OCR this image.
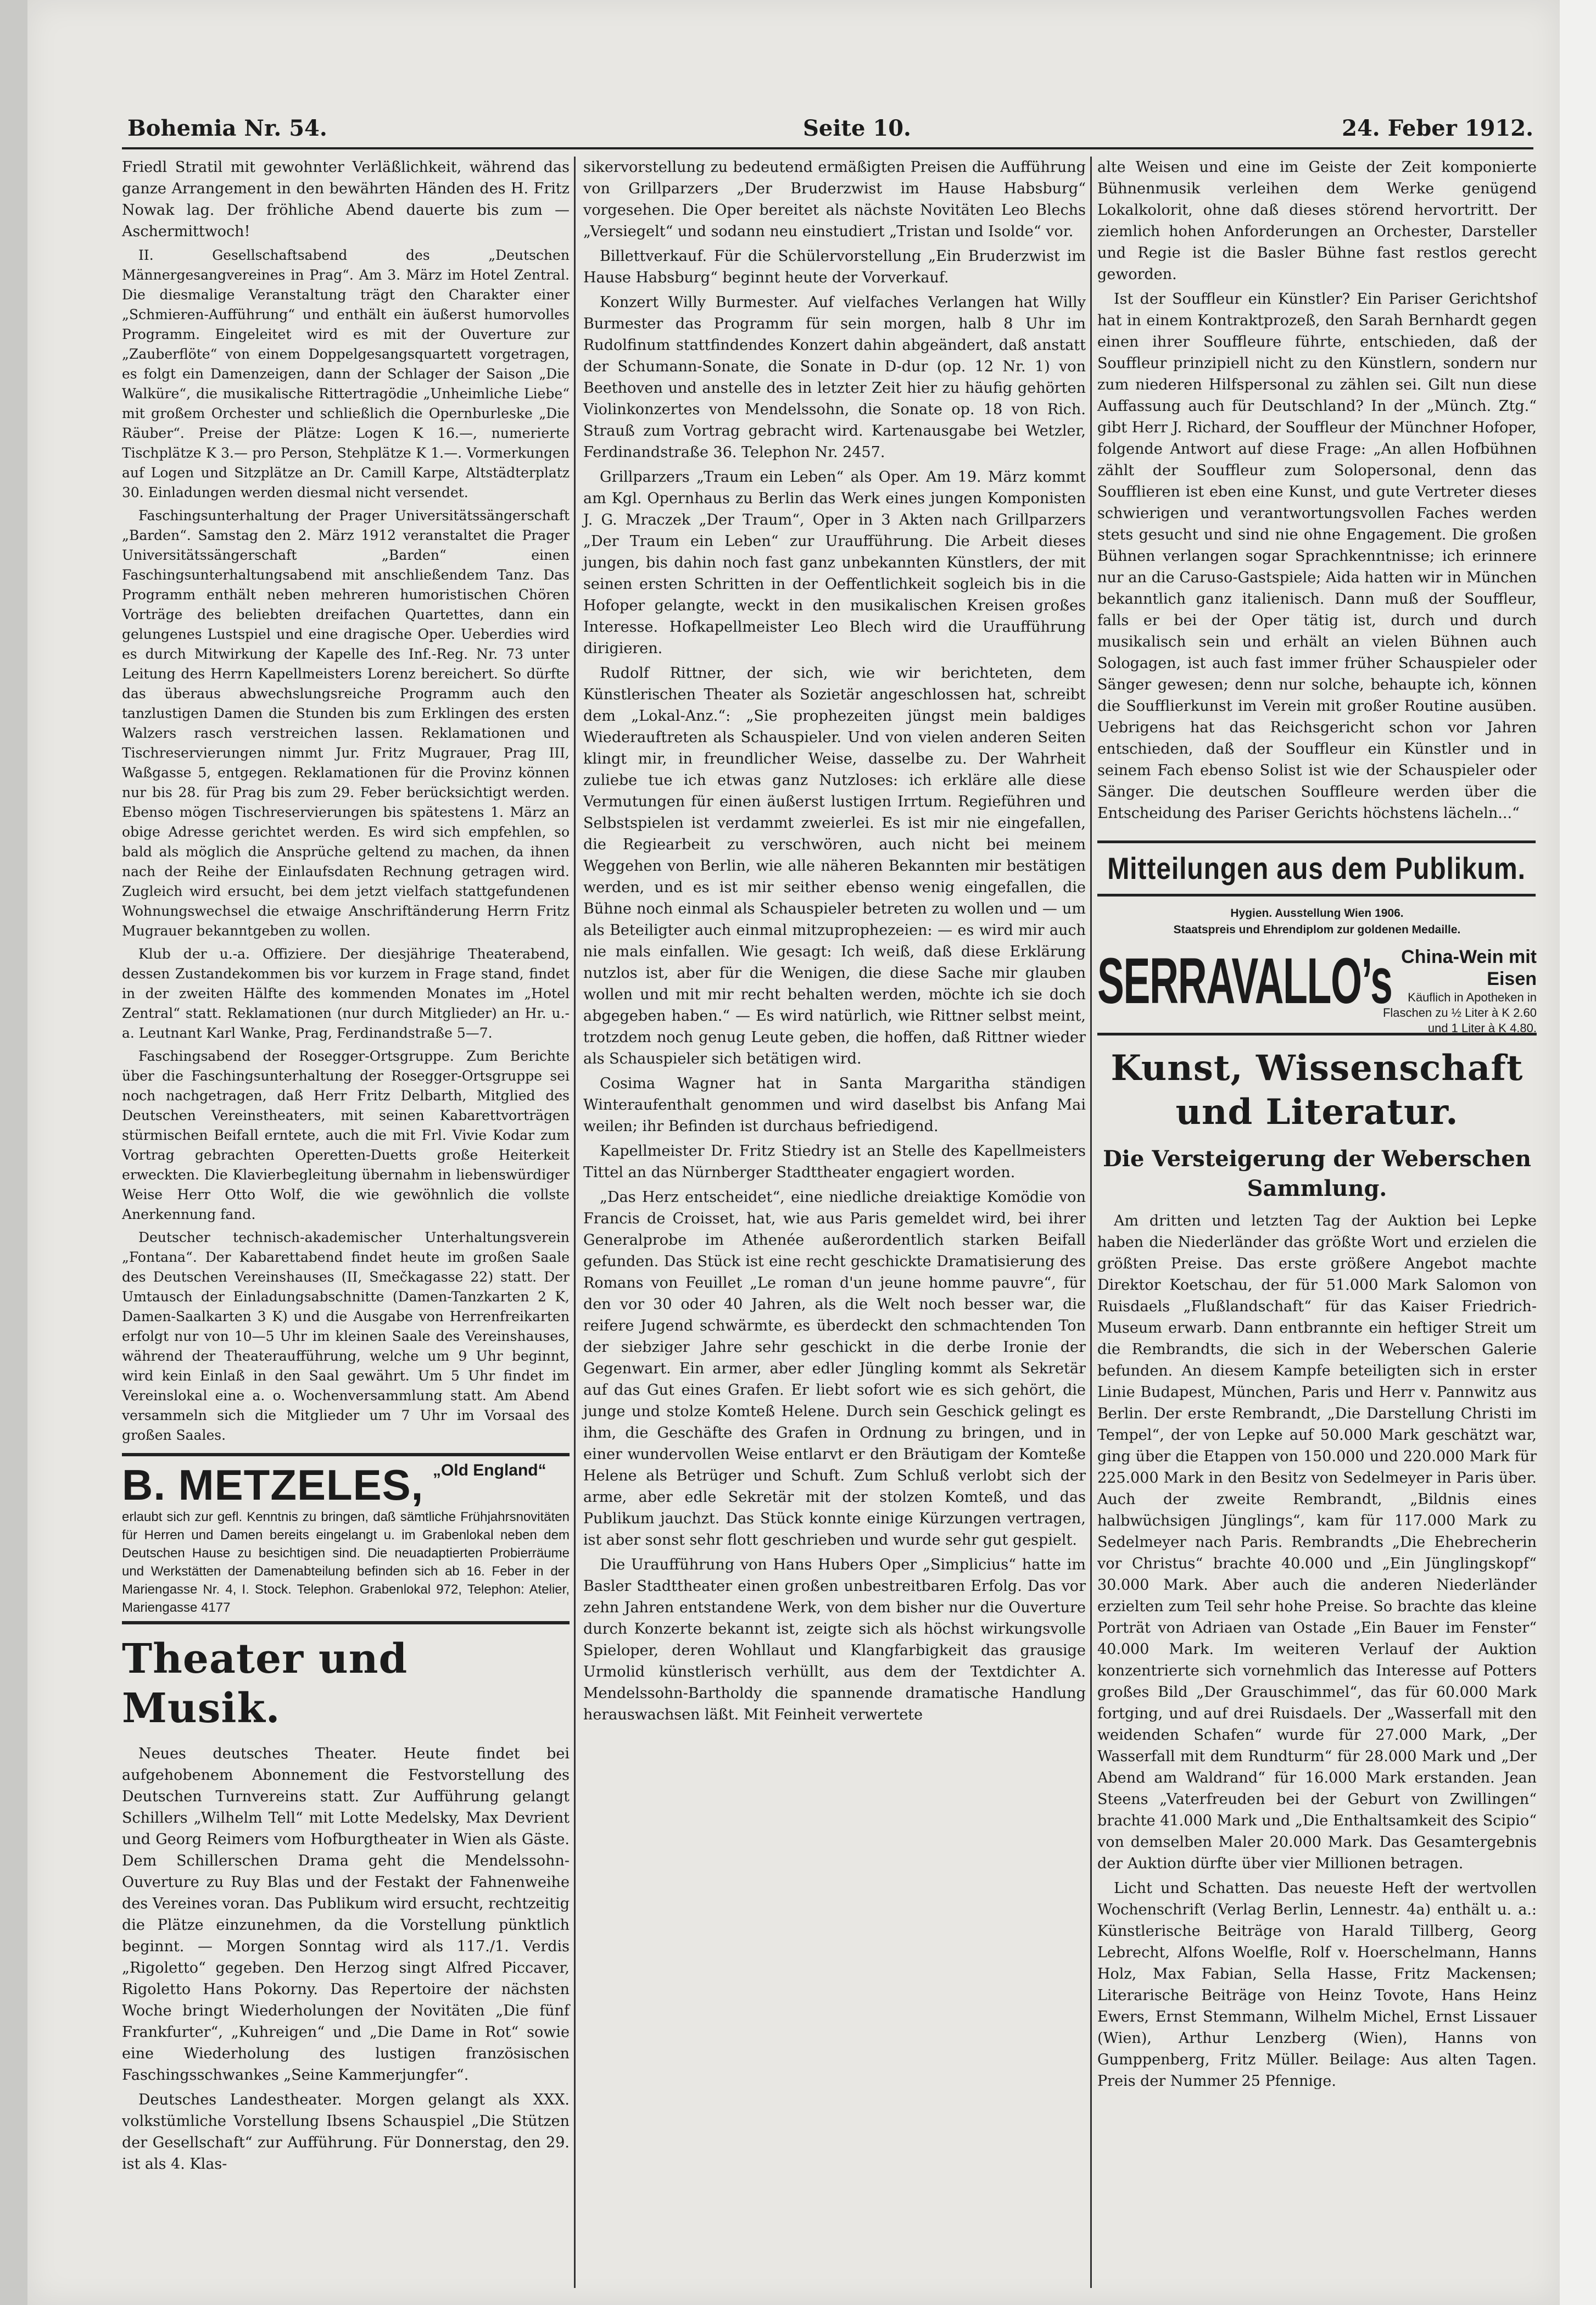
Bohemia Nr. 54.	Seite 10.	24. Feber 1912.

Friedl Stratil mit gewohnter Verläßlichkeit, während das ganze Arrangement in den bewährten Händen des H. Fritz Nowak lag. Der fröhliche Abend dauerte bis zum — Aschermittwoch!

II. Gesellschaftsabend des „Deutschen Männergesangvereines in Prag“. Am 3. März im Hotel Zentral. Die diesmalige Veranstaltung trägt den Charakter einer „Schmieren-Aufführung“ und enthält ein äußerst humorvolles Programm. Eingeleitet wird es mit der Ouverture zur „Zauberflöte“ von einem Doppelgesangsquartett vorgetragen, es folgt ein Damenzeigen, dann der Schlager der Saison „Die Walküre“, die musikalische Rittertragödie „Unheimliche Liebe“ mit großem Orchester und schließlich die Opernburleske „Die Räuber“. Preise der Plätze: Logen K 16.—, numerierte Tischplätze K 3.— pro Person, Stehplätze K 1.—. Vormerkungen auf Logen und Sitzplätze an Dr. Camill Karpe, Altstädterplatz 30. Einladungen werden diesmal nicht versendet.

Faschingsunterhaltung der Prager Universitätssängerschaft „Barden“. Samstag den 2. März 1912 veranstaltet die Prager Universitätssängerschaft „Barden“ einen Faschingsunterhaltungsabend mit anschließendem Tanz. Das Programm enthält neben mehreren humoristischen Chören Vorträge des beliebten dreifachen Quartettes, dann ein gelungenes Lustspiel und eine dragische Oper. Ueberdies wird es durch Mitwirkung der Kapelle des Inf.-Reg. Nr. 73 unter Leitung des Herrn Kapellmeisters Lorenz bereichert. So dürfte das überaus abwechslungsreiche Programm auch den tanzlustigen Damen die Stunden bis zum Erklingen des ersten Walzers rasch verstreichen lassen. Reklamationen und Tischreservierungen nimmt Jur. Fritz Mugrauer, Prag III, Waßgasse 5, entgegen. Reklamationen für die Provinz können nur bis 28. für Prag bis zum 29. Feber berücksichtigt werden. Ebenso mögen Tischreservierungen bis spätestens 1. März an obige Adresse gerichtet werden. Es wird sich empfehlen, so bald als möglich die Ansprüche geltend zu machen, da ihnen nach der Reihe der Einlaufsdaten Rechnung getragen wird. Zugleich wird ersucht, bei dem jetzt vielfach stattgefundenen Wohnungswechsel die etwaige Anschriftänderung Herrn Fritz Mugrauer bekanntgeben zu wollen.

Klub der u.-a. Offiziere. Der diesjährige Theaterabend, dessen Zustandekommen bis vor kurzem in Frage stand, findet in der zweiten Hälfte des kommenden Monates im „Hotel Zentral“ statt. Reklamationen (nur durch Mitglieder) an Hr. u.-a. Leutnant Karl Wanke, Prag, Ferdinandstraße 5—7.

Faschingsabend der Rosegger-Ortsgruppe. Zum Berichte über die Faschingsunterhaltung der Rosegger-Ortsgruppe sei noch nachgetragen, daß Herr Fritz Delbarth, Mitglied des Deutschen Vereinstheaters, mit seinen Kabarettvorträgen stürmischen Beifall erntete, auch die mit Frl. Vivie Kodar zum Vortrag gebrachten Operetten-Duetts große Heiterkeit erweckten. Die Klavierbegleitung übernahm in liebenswürdiger Weise Herr Otto Wolf, die wie gewöhnlich die vollste Anerkennung fand.

Deutscher technisch-akademischer Unterhaltungsverein „Fontana“. Der Kabarettabend findet heute im großen Saale des Deutschen Vereinshauses (II, Smečkagasse 22) statt. Der Umtausch der Einladungsabschnitte (Damen-Tanzkarten 2 K, Damen-Saalkarten 3 K) und die Ausgabe von Herrenfreikarten erfolgt nur von 10—5 Uhr im kleinen Saale des Vereinshauses, während der Theateraufführung, welche um 9 Uhr beginnt, wird kein Einlaß in den Saal gewährt. Um 5 Uhr findet im Vereinslokal eine a. o. Wochenversammlung statt. Am Abend versammeln sich die Mitglieder um 7 Uhr im Vorsaal des großen Saales.

B. METZELES, „Old England“
erlaubt sich zur gefl. Kenntnis zu bringen, daß sämtliche Frühjahrsnovitäten für Herren und Damen bereits eingelangt u. im Grabenlokal neben dem Deutschen Hause zu besichtigen sind. Die neuadaptierten Probierräume und Werkstätten der Damenabteilung befinden sich ab 16. Feber in der Mariengasse Nr. 4, I. Stock. Telephon. Grabenlokal 972, Telephon: Atelier, Mariengasse 4177
Theater und Musik.

Neues deutsches Theater. Heute findet bei aufgehobenem Abonnement die Festvorstellung des Deutschen Turnvereins statt. Zur Aufführung gelangt Schillers „Wilhelm Tell“ mit Lotte Medelsky, Max Devrient und Georg Reimers vom Hofburgtheater in Wien als Gäste. Dem Schillerschen Drama geht die Mendelssohn-Ouverture zu Ruy Blas und der Festakt der Fahnenweihe des Vereines voran. Das Publikum wird ersucht, rechtzeitig die Plätze einzunehmen, da die Vorstellung pünktlich beginnt. — Morgen Sonntag wird als 117./1. Verdis „Rigoletto“ gegeben. Den Herzog singt Alfred Piccaver, Rigoletto Hans Pokorny. Das Repertoire der nächsten Woche bringt Wiederholungen der Novitäten „Die fünf Frankfurter“, „Kuhreigen“ und „Die Dame in Rot“ sowie eine Wiederholung des lustigen französischen Faschingsschwankes „Seine Kammerjungfer“.

Deutsches Landestheater. Morgen gelangt als XXX. volkstümliche Vorstellung Ibsens Schauspiel „Die Stützen der Gesellschaft“ zur Aufführung. Für Donnerstag, den 29. ist als 4. Klas-

sikervorstellung zu bedeutend ermäßigten Preisen die Aufführung von Grillparzers „Der Bruderzwist im Hause Habsburg“ vorgesehen. Die Oper bereitet als nächste Novitäten Leo Blechs „Versiegelt“ und sodann neu einstudiert „Tristan und Isolde“ vor.

Billettverkauf. Für die Schülervorstellung „Ein Bruderzwist im Hause Habsburg“ beginnt heute der Vorverkauf.

Konzert Willy Burmester. Auf vielfaches Verlangen hat Willy Burmester das Programm für sein morgen, halb 8 Uhr im Rudolfinum stattfindendes Konzert dahin abgeändert, daß anstatt der Schumann-Sonate, die Sonate in D-dur (op. 12 Nr. 1) von Beethoven und anstelle des in letzter Zeit hier zu häufig gehörten Violinkonzertes von Mendelssohn, die Sonate op. 18 von Rich. Strauß zum Vortrag gebracht wird. Kartenausgabe bei Wetzler, Ferdinandstraße 36. Telephon Nr. 2457.

Grillparzers „Traum ein Leben“ als Oper. Am 19. März kommt am Kgl. Opernhaus zu Berlin das Werk eines jungen Komponisten J. G. Mraczek „Der Traum“, Oper in 3 Akten nach Grillparzers „Der Traum ein Leben“ zur Uraufführung. Die Arbeit dieses jungen, bis dahin noch fast ganz unbekannten Künstlers, der mit seinen ersten Schritten in der Oeffentlichkeit sogleich bis in die Hofoper gelangte, weckt in den musikalischen Kreisen großes Interesse. Hofkapellmeister Leo Blech wird die Uraufführung dirigieren.

Rudolf Rittner, der sich, wie wir berichteten, dem Künstlerischen Theater als Sozietär angeschlossen hat, schreibt dem „Lokal-Anz.“: „Sie prophezeiten jüngst mein baldiges Wiederauftreten als Schauspieler. Und von vielen anderen Seiten klingt mir, in freundlicher Weise, dasselbe zu. Der Wahrheit zuliebe tue ich etwas ganz Nutzloses: ich erkläre alle diese Vermutungen für einen äußerst lustigen Irrtum. Regieführen und Selbstspielen ist verdammt zweierlei. Es ist mir nie eingefallen, die Regiearbeit zu verschwören, auch nicht bei meinem Weggehen von Berlin, wie alle näheren Bekannten mir bestätigen werden, und es ist mir seither ebenso wenig eingefallen, die Bühne noch einmal als Schauspieler betreten zu wollen und — um als Beteiligter auch einmal mitzuprophezeien: — es wird mir auch nie mals einfallen. Wie gesagt: Ich weiß, daß diese Erklärung nutzlos ist, aber für die Wenigen, die diese Sache mir glauben wollen und mit mir recht behalten werden, möchte ich sie doch abgegeben haben.“ — Es wird natürlich, wie Rittner selbst meint, trotzdem noch genug Leute geben, die hoffen, daß Rittner wieder als Schauspieler sich betätigen wird.

Cosima Wagner hat in Santa Margaritha ständigen Winteraufenthalt genommen und wird daselbst bis Anfang Mai weilen; ihr Befinden ist durchaus befriedigend.

Kapellmeister Dr. Fritz Stiedry ist an Stelle des Kapellmeisters Tittel an das Nürnberger Stadttheater engagiert worden.

„Das Herz entscheidet“, eine niedliche dreiaktige Komödie von Francis de Croisset, hat, wie aus Paris gemeldet wird, bei ihrer Generalprobe im Athenée außerordentlich starken Beifall gefunden. Das Stück ist eine recht geschickte Dramatisierung des Romans von Feuillet „Le roman d'un jeune homme pauvre“, für den vor 30 oder 40 Jahren, als die Welt noch besser war, die reifere Jugend schwärmte, es überdeckt den schmachtenden Ton der siebziger Jahre sehr geschickt in die derbe Ironie der Gegenwart. Ein armer, aber edler Jüngling kommt als Sekretär auf das Gut eines Grafen. Er liebt sofort wie es sich gehört, die junge und stolze Komteß Helene. Durch sein Geschick gelingt es ihm, die Geschäfte des Grafen in Ordnung zu bringen, und in einer wundervollen Weise entlarvt er den Bräutigam der Komteße Helene als Betrüger und Schuft. Zum Schluß verlobt sich der arme, aber edle Sekretär mit der stolzen Komteß, und das Publikum jauchzt. Das Stück konnte einige Kürzungen vertragen, ist aber sonst sehr flott geschrieben und wurde sehr gut gespielt.

Die Uraufführung von Hans Hubers Oper „Simplicius“ hatte im Basler Stadttheater einen großen unbestreitbaren Erfolg. Das vor zehn Jahren entstandene Werk, von dem bisher nur die Ouverture durch Konzerte bekannt ist, zeigte sich als höchst wirkungsvolle Spieloper, deren Wohllaut und Klangfarbigkeit das grausige Urmolid künstlerisch verhüllt, aus dem der Textdichter A. Mendelssohn-Bartholdy die spannende dramatische Handlung herauswachsen läßt. Mit Feinheit verwertete

alte Weisen und eine im Geiste der Zeit komponierte Bühnenmusik verleihen dem Werke genügend Lokalkolorit, ohne daß dieses störend hervortritt. Der ziemlich hohen Anforderungen an Orchester, Darsteller und Regie ist die Basler Bühne fast restlos gerecht geworden.

Ist der Souffleur ein Künstler? Ein Pariser Gerichtshof hat in einem Kontraktprozeß, den Sarah Bernhardt gegen einen ihrer Souffleure führte, entschieden, daß der Souffleur prinzipiell nicht zu den Künstlern, sondern nur zum niederen Hilfspersonal zu zählen sei. Gilt nun diese Auffassung auch für Deutschland? In der „Münch. Ztg.“ gibt Herr J. Richard, der Souffleur der Münchner Hofoper, folgende Antwort auf diese Frage: „An allen Hofbühnen zählt der Souffleur zum Solopersonal, denn das Soufflieren ist eben eine Kunst, und gute Vertreter dieses schwierigen und verantwortungsvollen Faches werden stets gesucht und sind nie ohne Engagement. Die großen Bühnen verlangen sogar Sprachkenntnisse; ich erinnere nur an die Caruso-Gastspiele; Aida hatten wir in München bekanntlich ganz italienisch. Dann muß der Souffleur, falls er bei der Oper tätig ist, durch und durch musikalisch sein und erhält an vielen Bühnen auch Sologagen, ist auch fast immer früher Schauspieler oder Sänger gewesen; denn nur solche, behaupte ich, können die Soufflierkunst im Verein mit großer Routine ausüben. Uebrigens hat das Reichsgericht schon vor Jahren entschieden, daß der Souffleur ein Künstler und in seinem Fach ebenso Solist ist wie der Schauspieler oder Sänger. Die deutschen Souffleure werden über die Entscheidung des Pariser Gerichts höchstens lächeln...“

Mitteilungen aus dem Publikum.
Hygien. Ausstellung Wien 1906.
Staatspreis und Ehrendiplom zur goldenen Medaille.
SERRAVALLO’s China-Wein mit Eisen
Käuflich in Apotheken in Flaschen zu ½ Liter à K 2.60 und 1 Liter à K 4.80.
Kunst, Wissenschaft und Literatur.
Die Versteigerung der Weberschen Sammlung.

Am dritten und letzten Tag der Auktion bei Lepke haben die Niederländer das größte Wort und erzielen die größten Preise. Das erste größere Angebot machte Direktor Koetschau, der für 51.000 Mark Salomon von Ruisdaels „Flußlandschaft“ für das Kaiser Friedrich-Museum erwarb. Dann entbrannte ein heftiger Streit um die Rembrandts, die sich in der Weberschen Galerie befunden. An diesem Kampfe beteiligten sich in erster Linie Budapest, München, Paris und Herr v. Pannwitz aus Berlin. Der erste Rembrandt, „Die Darstellung Christi im Tempel“, der von Lepke auf 50.000 Mark geschätzt war, ging über die Etappen von 150.000 und 220.000 Mark für 225.000 Mark in den Besitz von Sedelmeyer in Paris über. Auch der zweite Rembrandt, „Bildnis eines halbwüchsigen Jünglings“, kam für 117.000 Mark zu Sedelmeyer nach Paris. Rembrandts „Die Ehebrecherin vor Christus“ brachte 40.000 und „Ein Jünglingskopf“ 30.000 Mark. Aber auch die anderen Niederländer erzielten zum Teil sehr hohe Preise. So brachte das kleine Porträt von Adriaen van Ostade „Ein Bauer im Fenster“ 40.000 Mark. Im weiteren Verlauf der Auktion konzentrierte sich vornehmlich das Interesse auf Potters großes Bild „Der Grauschimmel“, das für 60.000 Mark fortging, und auf drei Ruisdaels. Der „Wasserfall mit den weidenden Schafen“ wurde für 27.000 Mark, „Der Wasserfall mit dem Rundturm“ für 28.000 Mark und „Der Abend am Waldrand“ für 16.000 Mark erstanden. Jean Steens „Vaterfreuden bei der Geburt von Zwillingen“ brachte 41.000 Mark und „Die Enthaltsamkeit des Scipio“ von demselben Maler 20.000 Mark. Das Gesamtergebnis der Auktion dürfte über vier Millionen betragen.

Licht und Schatten. Das neueste Heft der wertvollen Wochenschrift (Verlag Berlin, Lennestr. 4a) enthält u. a.: Künstlerische Beiträge von Harald Tillberg, Georg Lebrecht, Alfons Woelfle, Rolf v. Hoerschelmann, Hanns Holz, Max Fabian, Sella Hasse, Fritz Mackensen; Literarische Beiträge von Heinz Tovote, Hans Heinz Ewers, Ernst Stemmann, Wilhelm Michel, Ernst Lissauer (Wien), Arthur Lenzberg (Wien), Hanns von Gumppenberg, Fritz Müller. Beilage: Aus alten Tagen. Preis der Nummer 25 Pfennige.
